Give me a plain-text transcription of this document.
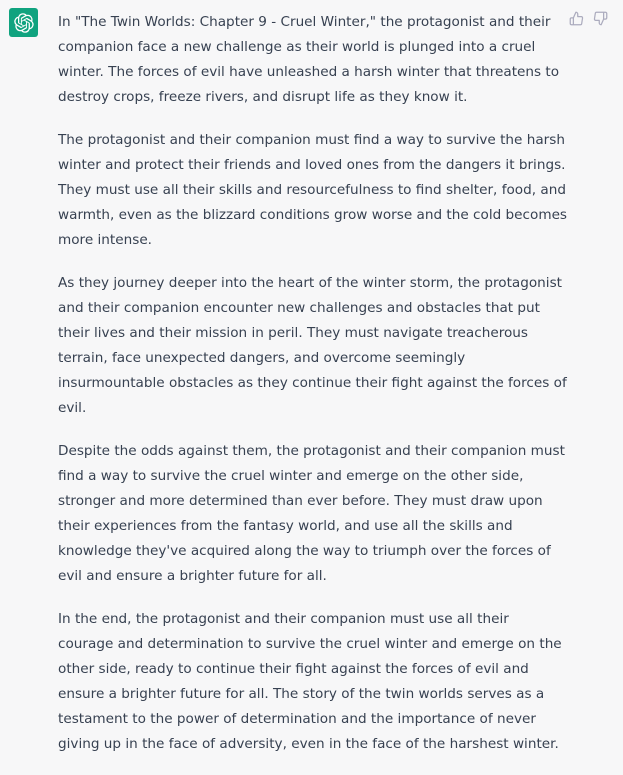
In "The Twin Worlds: Chapter 9 - Cruel Winter," the protagonist and their companion face a new challenge as their world is plunged into a cruel winter. The forces of evil have unleashed a harsh winter that threatens to destroy crops, freeze rivers, and disrupt life as they know it.

The protagonist and their companion must find a way to survive the harsh winter and protect their friends and loved ones from the dangers it brings. They must use all their skills and resourcefulness to find shelter, food, and warmth, even as the blizzard conditions grow worse and the cold becomes more intense.

As they journey deeper into the heart of the winter storm, the protagonist and their companion encounter new challenges and obstacles that put their lives and their mission in peril. They must navigate treacherous terrain, face unexpected dangers, and overcome seemingly insurmountable obstacles as they continue their fight against the forces of evil.

Despite the odds against them, the protagonist and their companion must find a way to survive the cruel winter and emerge on the other side, stronger and more determined than ever before. They must draw upon their experiences from the fantasy world, and use all the skills and knowledge they've acquired along the way to triumph over the forces of evil and ensure a brighter future for all.

In the end, the protagonist and their companion must use all their courage and determination to survive the cruel winter and emerge on the other side, ready to continue their fight against the forces of evil and ensure a brighter future for all. The story of the twin worlds serves as a testament to the power of determination and the importance of never giving up in the face of adversity, even in the face of the harshest winter.
